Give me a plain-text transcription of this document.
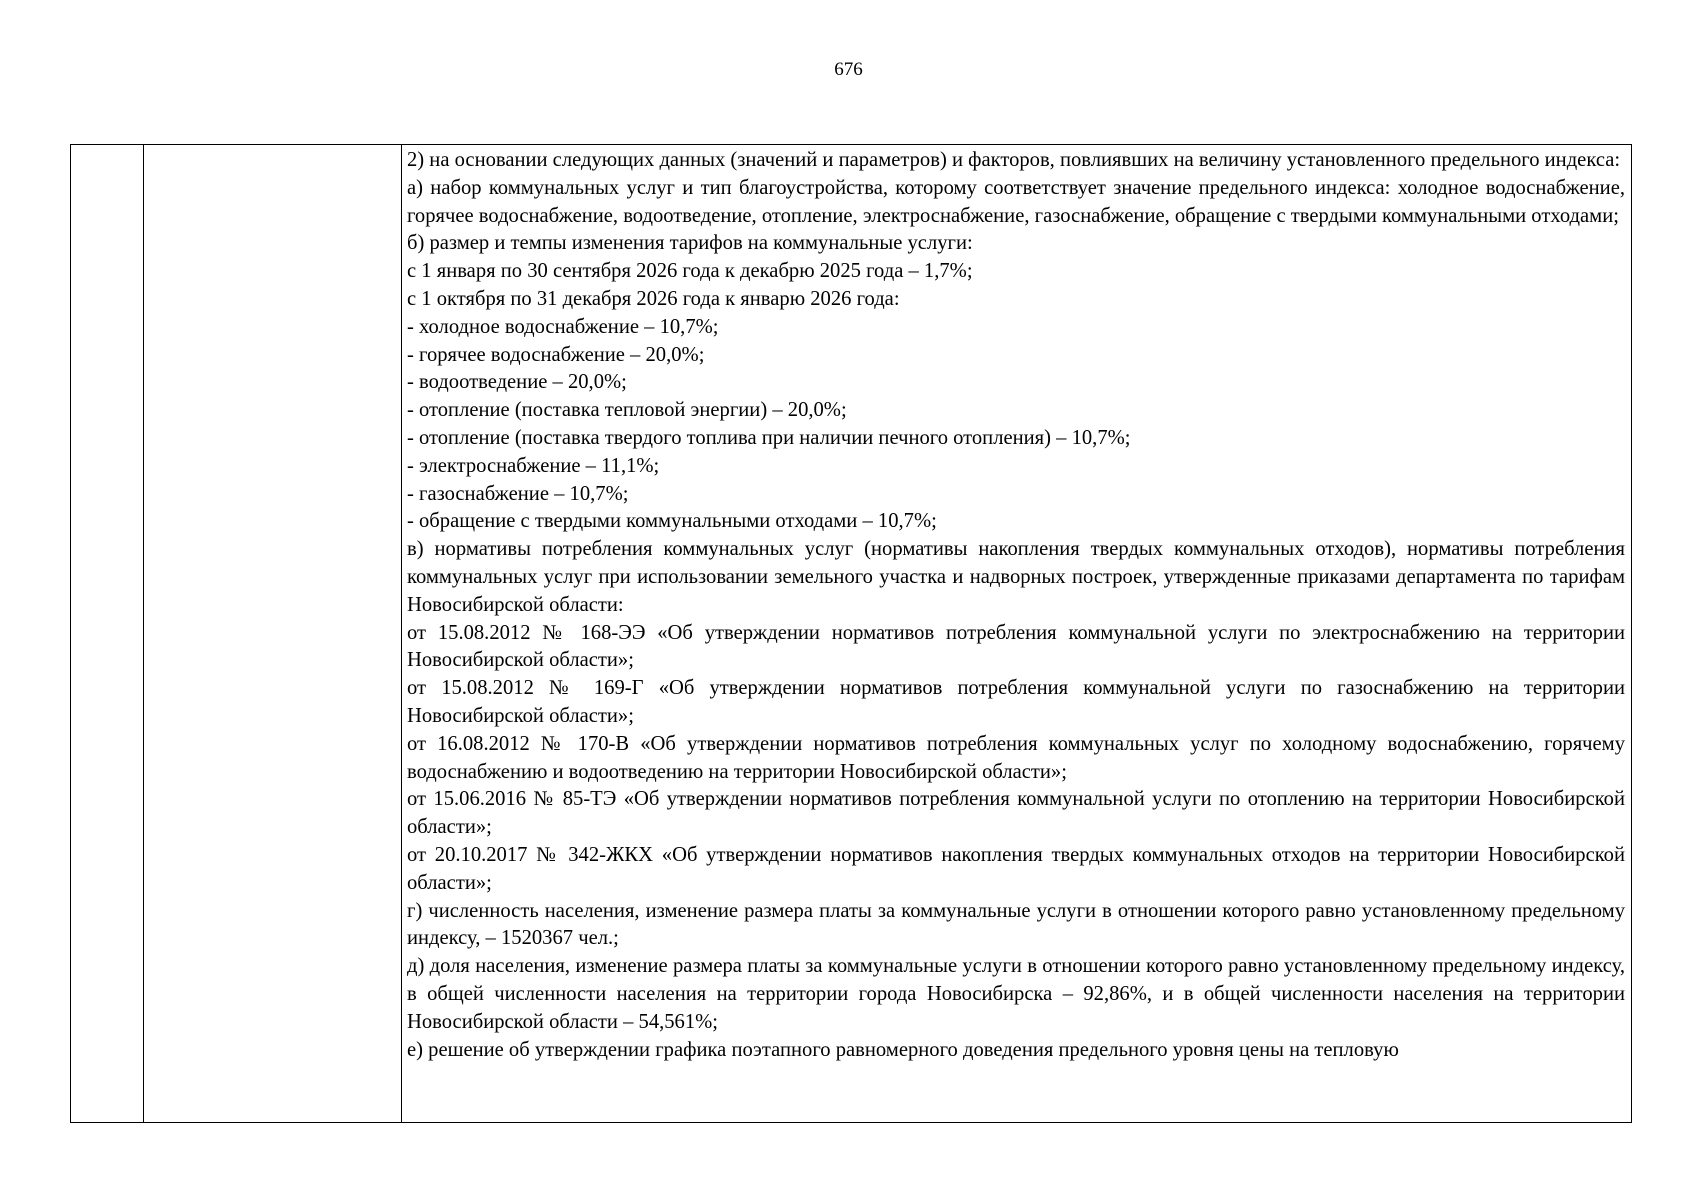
676

2) на основании следующих данных (значений и параметров) и факторов, повлиявших на величину установленного предельного индекса:

а) набор коммунальных услуг и тип благоустройства, которому соответствует значение предельного индекса: холодное водоснабжение, горячее водоснабжение, водоотведение, отопление, электроснабжение, газоснабжение, обращение с твердыми коммунальными отходами;

б) размер и темпы изменения тарифов на коммунальные услуги:

с 1 января по 30 сентября 2026 года к декабрю 2025 года – 1,7%;

с 1 октября по 31 декабря 2026 года к январю 2026 года:

- холодное водоснабжение – 10,7%;

- горячее водоснабжение – 20,0%;

- водоотведение – 20,0%;

- отопление (поставка тепловой энергии) – 20,0%;

- отопление (поставка твердого топлива при наличии печного отопления) – 10,7%;

- электроснабжение – 11,1%;

- газоснабжение – 10,7%;

- обращение с твердыми коммунальными отходами – 10,7%;

в) нормативы потребления коммунальных услуг (нормативы накопления твердых коммунальных отходов), нормативы потребления коммунальных услуг при использовании земельного участка и надворных построек, утвержденные приказами департамента по тарифам Новосибирской области:

от 15.08.2012 № 168-ЭЭ «Об утверждении нормативов потребления коммунальной услуги по электроснабжению на территории Новосибирской области»;

от 15.08.2012 № 169-Г «Об утверждении нормативов потребления коммунальной услуги по газоснабжению на территории Новосибирской области»;

от 16.08.2012 № 170-В «Об утверждении нормативов потребления коммунальных услуг по холодному водоснабжению, горячему водоснабжению и водоотведению на территории Новосибирской области»;

от 15.06.2016 № 85-ТЭ «Об утверждении нормативов потребления коммунальной услуги по отоплению на территории Новосибирской области»;

от 20.10.2017 № 342-ЖКХ «Об утверждении нормативов накопления твердых коммунальных отходов на территории Новосибирской области»;

г) численность населения, изменение размера платы за коммунальные услуги в отношении которого равно установленному предельному индексу, – 1520367 чел.;

д) доля населения, изменение размера платы за коммунальные услуги в отношении которого равно установленному предельному индексу, в общей численности населения на территории города Новосибирска – 92,86%, и в общей численности населения на территории Новосибирской области – 54,561%;

е) решение об утверждении графика поэтапного равномерного доведения предельного уровня цены на тепловую
